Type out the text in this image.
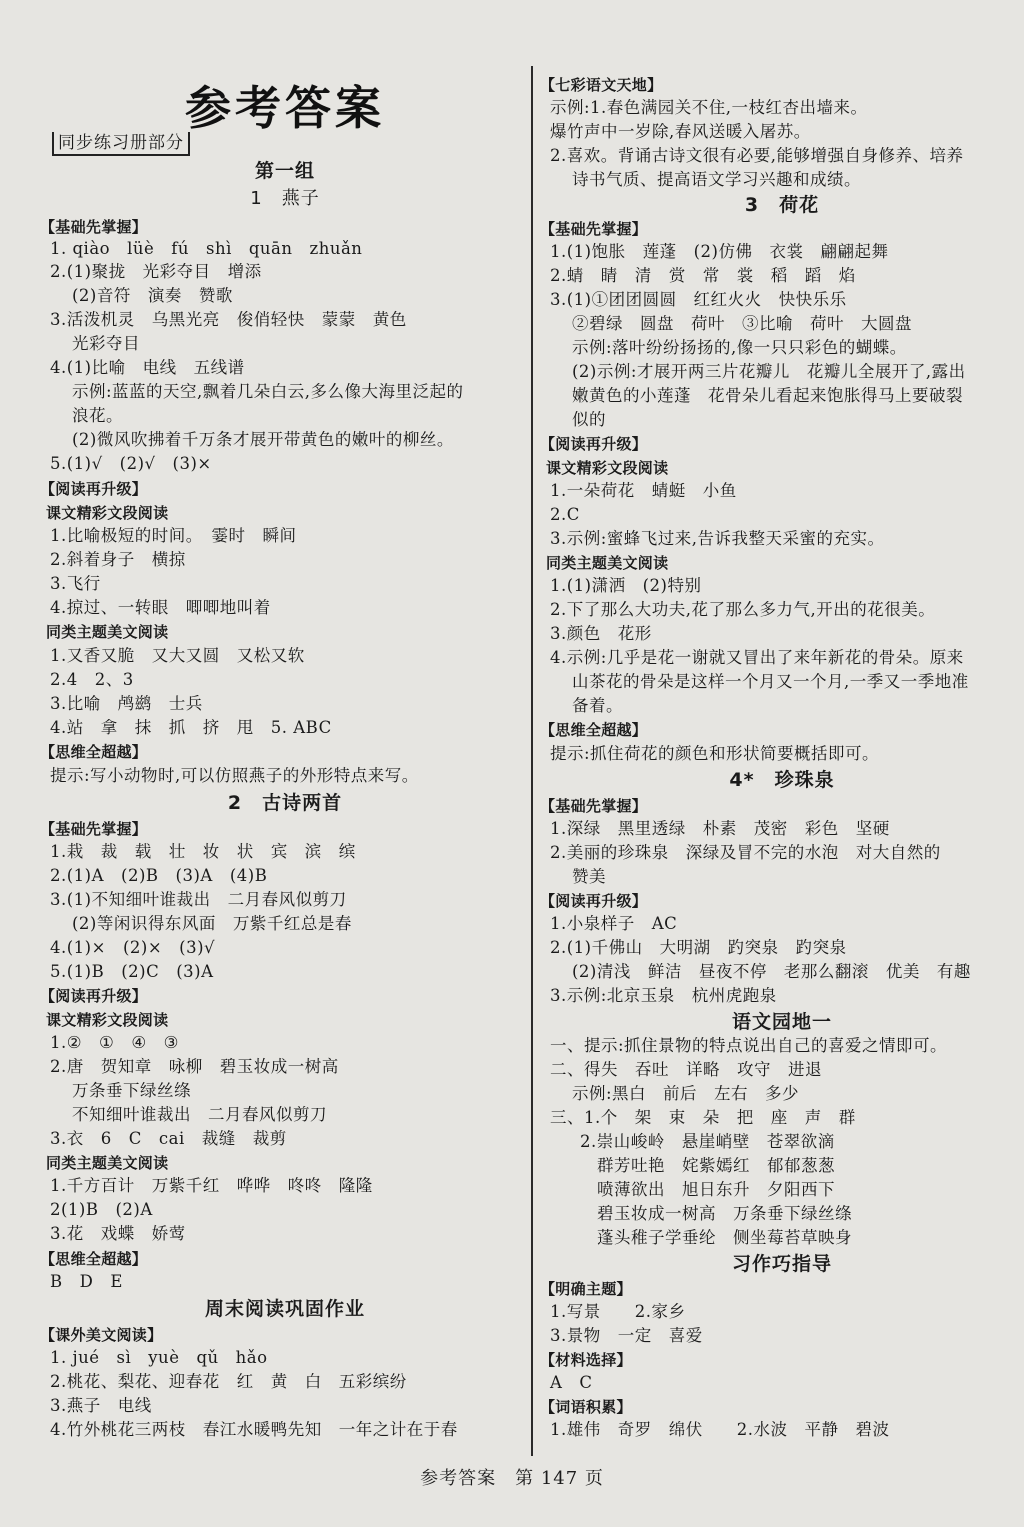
参考答案
同步练习册部分
第一组
1　燕子
【基础先掌握】
1. qiào　lüè　fú　shì　quān　zhuǎn
2.(1)聚拢　光彩夺目　增添
(2)音符　演奏　赞歌
3.活泼机灵　乌黑光亮　俊俏轻快　蒙蒙　黄色
光彩夺目
4.(1)比喻　电线　五线谱
示例:蓝蓝的天空,飘着几朵白云,多么像大海里泛起的
浪花。
(2)微风吹拂着千万条才展开带黄色的嫩叶的柳丝。
5.(1)√　(2)√　(3)×
【阅读再升级】
课文精彩文段阅读
1.比喻极短的时间。　霎时　瞬间
2.斜着身子　横掠
3.飞行
4.掠过、一转眼　唧唧地叫着
同类主题美文阅读
1.又香又脆　又大又圆　又松又软
2.4　2、3
3.比喻　鸬鹚　士兵
4.站　拿　抹　抓　挤　甩　5. ABC
【思维全超越】
提示:写小动物时,可以仿照燕子的外形特点来写。
2　古诗两首
【基础先掌握】
1.栽　裁　载　壮　妆　状　宾　滨　缤
2.(1)A　(2)B　(3)A　(4)B
3.(1)不知细叶谁裁出　二月春风似剪刀
(2)等闲识得东风面　万紫千红总是春
4.(1)×　(2)×　(3)√
5.(1)B　(2)C　(3)A
【阅读再升级】
课文精彩文段阅读
1.②　①　④　③
2.唐　贺知章　咏柳　碧玉妆成一树高
万条垂下绿丝绦
不知细叶谁裁出　二月春风似剪刀
3.衣　6　C　cai　裁缝　裁剪
同类主题美文阅读
1.千方百计　万紫千红　哗哗　咚咚　隆隆
2(1)B　(2)A
3.花　戏蝶　娇莺
【思维全超越】
B　D　E
周末阅读巩固作业
【课外美文阅读】
1. jué　sì　yuè　qǔ　hǎo
2.桃花、梨花、迎春花　红　黄　白　五彩缤纷
3.燕子　电线
4.竹外桃花三两枝　春江水暖鸭先知　一年之计在于春
【七彩语文天地】
示例:1.春色满园关不住,一枝红杏出墙来。
爆竹声中一岁除,春风送暖入屠苏。
2.喜欢。背诵古诗文很有必要,能够增强自身修养、培养
诗书气质、提高语文学习兴趣和成绩。
3　荷花
【基础先掌握】
1.(1)饱胀　莲蓬　(2)仿佛　衣裳　翩翩起舞
2.蜻　睛　清　赏　常　裳　稻　蹈　焰
3.(1)①团团圆圆　红红火火　快快乐乐
②碧绿　圆盘　荷叶　③比喻　荷叶　大圆盘
示例:落叶纷纷扬扬的,像一只只彩色的蝴蝶。
(2)示例:才展开两三片花瓣儿　花瓣儿全展开了,露出
嫩黄色的小莲蓬　花骨朵儿看起来饱胀得马上要破裂
似的
【阅读再升级】
课文精彩文段阅读
1.一朵荷花　蜻蜓　小鱼
2.C
3.示例:蜜蜂飞过来,告诉我整天采蜜的充实。
同类主题美文阅读
1.(1)潇洒　(2)特别
2.下了那么大功夫,花了那么多力气,开出的花很美。
3.颜色　花形
4.示例:几乎是花一谢就又冒出了来年新花的骨朵。原来
山茶花的骨朵是这样一个月又一个月,一季又一季地准
备着。
【思维全超越】
提示:抓住荷花的颜色和形状简要概括即可。
4*　珍珠泉
【基础先掌握】
1.深绿　黑里透绿　朴素　茂密　彩色　坚硬
2.美丽的珍珠泉　深绿及冒不完的水泡　对大自然的
赞美
【阅读再升级】
1.小泉样子　AC
2.(1)千佛山　大明湖　趵突泉　趵突泉
(2)清浅　鲜洁　昼夜不停　老那么翻滚　优美　有趣
3.示例:北京玉泉　杭州虎跑泉
语文园地一
一、提示:抓住景物的特点说出自己的喜爱之情即可。
二、得失　吞吐　详略　攻守　进退
示例:黑白　前后　左右　多少
三、1.个　架　束　朵　把　座　声　群
2.崇山峻岭　悬崖峭壁　苍翠欲滴
　群芳吐艳　姹紫嫣红　郁郁葱葱
　喷薄欲出　旭日东升　夕阳西下
　碧玉妆成一树高　万条垂下绿丝绦
　蓬头稚子学垂纶　侧坐莓苔草映身
习作巧指导
【明确主题】
1.写景　　2.家乡
3.景物　一定　喜爱
【材料选择】
A　C
【词语积累】
1.雄伟　奇罗　绵伏　　2.水波　平静　碧波
参考答案　第 147 页
